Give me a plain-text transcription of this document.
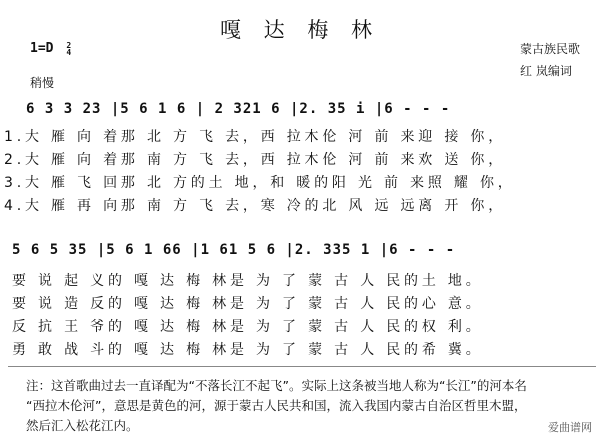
嘎 达 梅 林
1=D 2
4	蒙古族民歌
红 岚编词
稍慢
6 3 3 23 |5 6 1 6 | 2 321 6 |2. 35 i |6 - - -
1.大 雁 向 着那 北 方 飞 去，西 拉木伦 河 前 来迎 接 你，
2.大 雁 向 着那 南 方 飞 去，西 拉木伦 河 前 来欢 送 你，
3.大 雁 飞 回那 北 方的土 地，和 暖的阳 光 前 来照 耀 你，
4.大 雁 再 向那 南 方 飞 去，寒 冷的北 风 远 远离 开 你，
5 6 5 35 |5 6 1 66 |1 61 5 6 |2. 335 1 |6 - - -
要 说 起 义的 嘎 达 梅 林是 为 了 蒙 古 人 民的土 地。
要 说 造 反的 嘎 达 梅 林是 为 了 蒙 古 人 民的心 意。
反 抗 王 爷的 嘎 达 梅 林是 为 了 蒙 古 人 民的权 利。
勇 敢 战 斗的 嘎 达 梅 林是 为 了 蒙 古 人 民的希 冀。
注：这首歌曲过去一直译配为“不落长江不起飞”。实际上这条被当地人称为“长江”的河本名
“西拉木伦河”，意思是黄色的河，源于蒙古人民共和国，流入我国内蒙古自治区哲里木盟，
然后汇入松花江内。	爱曲谱网
